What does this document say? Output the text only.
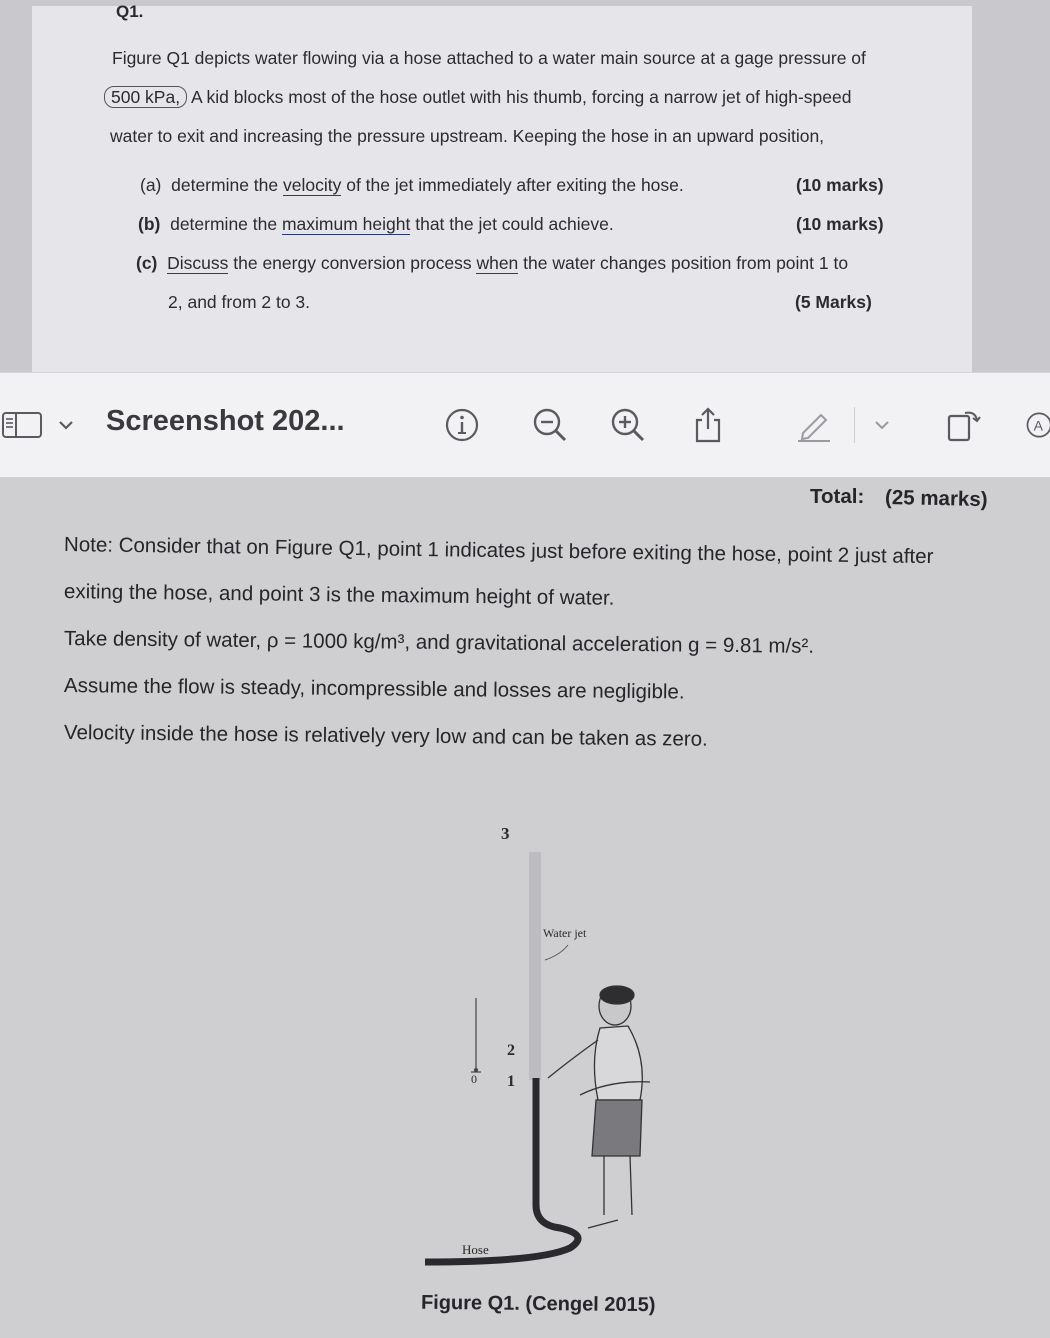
Q1.
Figure Q1 depicts water flowing via a hose attached to a water main source at a gage pressure of
500 kPa, A kid blocks most of the hose outlet with his thumb, forcing a narrow jet of high-speed
water to exit and increasing the pressure upstream. Keeping the hose in an upward position,
(a) determine the velocity of the jet immediately after exiting the hose.	(10 marks)
(b) determine the maximum height that the jet could achieve.	(10 marks)
(c) Discuss the energy conversion process when the water changes position from point 1 to
2, and from 2 to 3.	(5 Marks)
Screenshot 202...	A
Total: (25 marks)
Note: Consider that on Figure Q1, point 1 indicates just before exiting the hose, point 2 just after
exiting the hose, and point 3 is the maximum height of water.
Take density of water, ρ = 1000 kg/m³, and gravitational acceleration g = 9.81 m/s².
Assume the flow is steady, incompressible and losses are negligible.
Velocity inside the hose is relatively very low and can be taken as zero.
3
Water jet
2
1
0
Hose
Figure Q1. (Cengel 2015)
